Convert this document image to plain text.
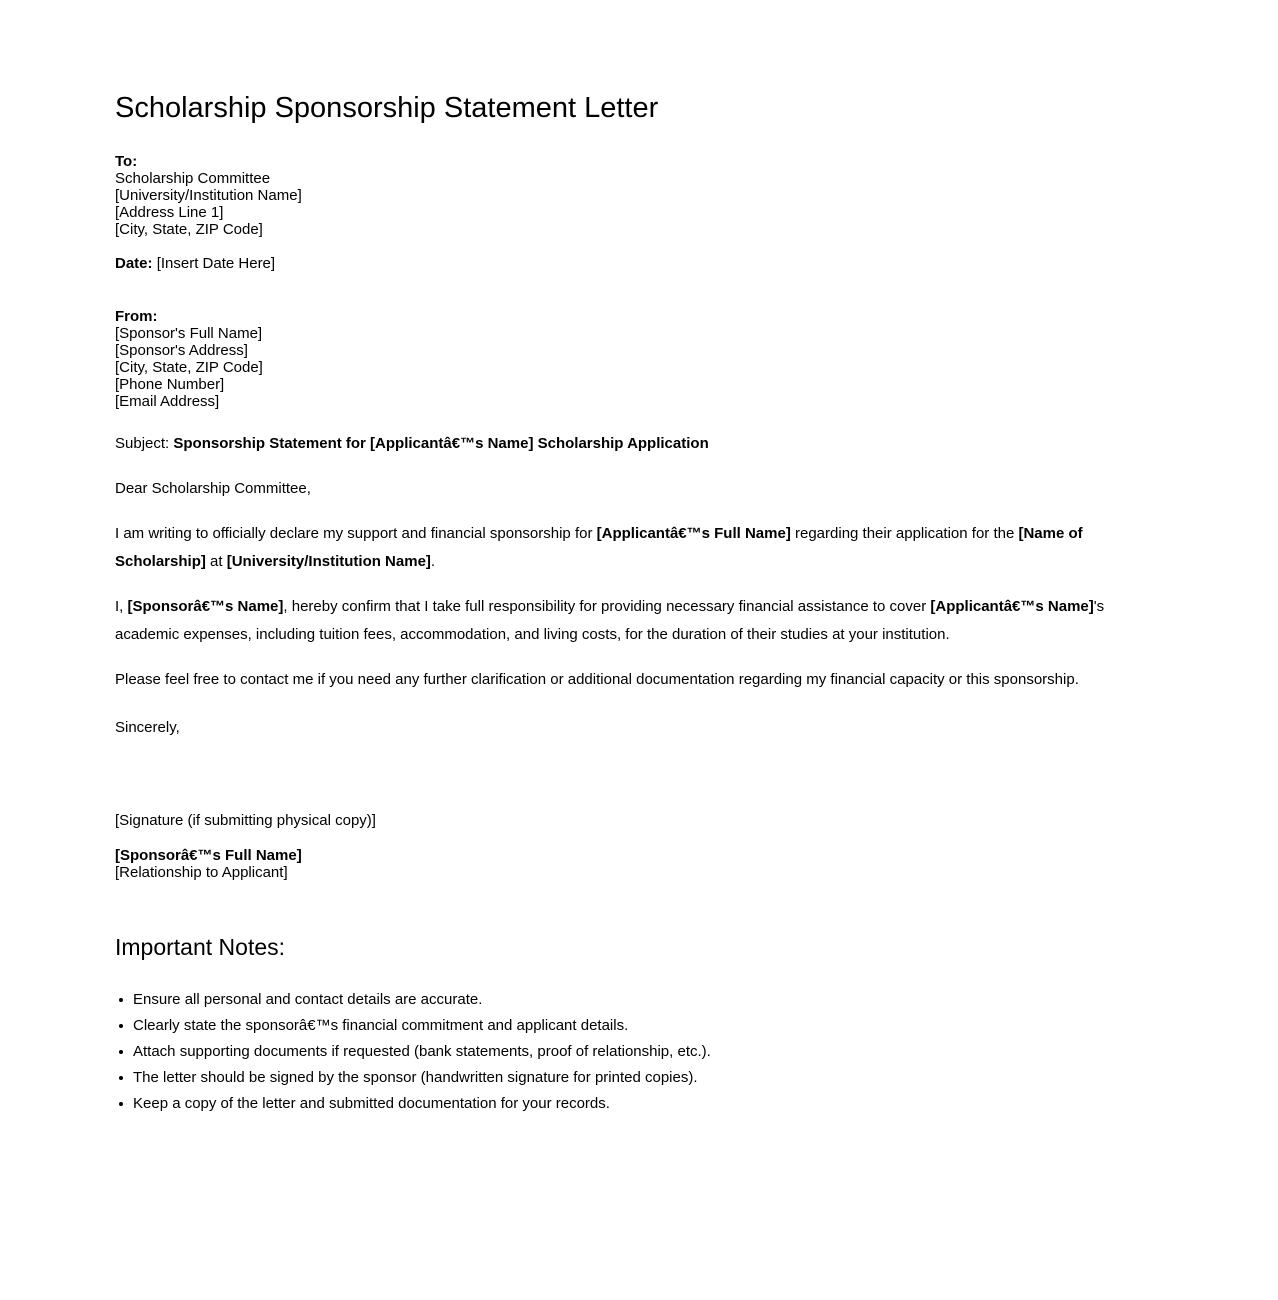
Scholarship Sponsorship Statement Letter

To:
Scholarship Committee
[University/Institution Name]
[Address Line 1]
[City, State, ZIP Code]

Date: [Insert Date Here]

From:
[Sponsor's Full Name]
[Sponsor's Address]
[City, State, ZIP Code]
[Phone Number]
[Email Address]

Subject: Sponsorship Statement for [Applicantâ€™s Name] Scholarship Application

Dear Scholarship Committee,

I am writing to officially declare my support and financial sponsorship for [Applicantâ€™s Full Name] regarding their application for the [Name of Scholarship] at [University/Institution Name].

I, [Sponsorâ€™s Name], hereby confirm that I take full responsibility for providing necessary financial assistance to cover [Applicantâ€™s Name]'s academic expenses, including tuition fees, accommodation, and living costs, for the duration of their studies at your institution.

Please feel free to contact me if you need any further clarification or additional documentation regarding my financial capacity or this sponsorship.

Sincerely,

[Signature (if submitting physical copy)]

[Sponsorâ€™s Full Name]
[Relationship to Applicant]

Important Notes:
Ensure all personal and contact details are accurate.
Clearly state the sponsorâ€™s financial commitment and applicant details.
Attach supporting documents if requested (bank statements, proof of relationship, etc.).
The letter should be signed by the sponsor (handwritten signature for printed copies).
Keep a copy of the letter and submitted documentation for your records.
